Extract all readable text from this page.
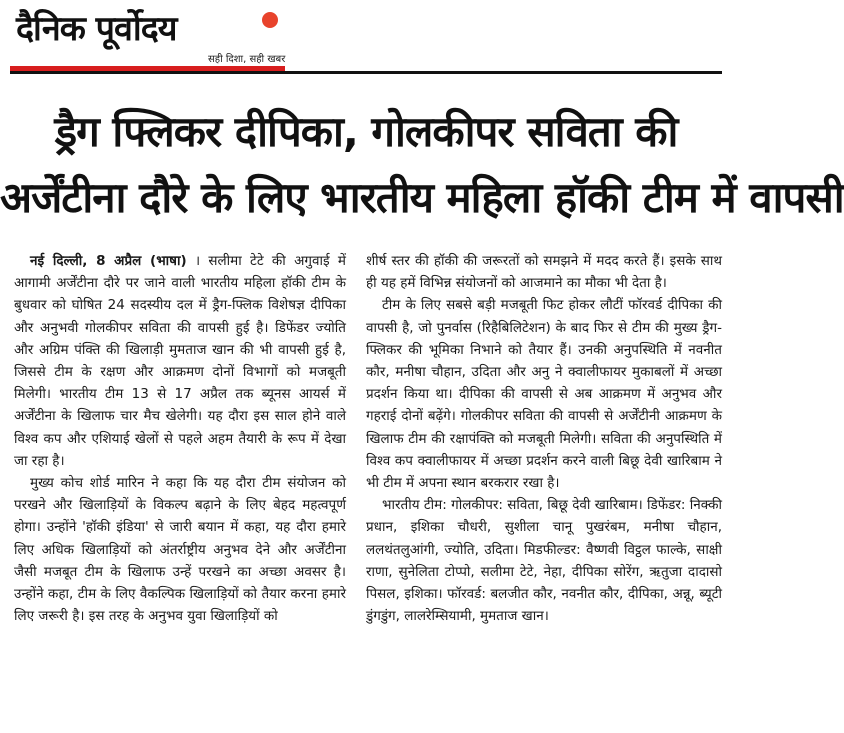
दैनिक पूर्वोदय
सही दिशा, सही खबर
ड्रैग फ्लिकर दीपिका, गोलकीपर सविता की
अर्जेंटीना दौरे के लिए भारतीय महिला हॉकी टीम में वापसी

नई दिल्ली, 8 अप्रैल (भाषा) । सलीमा टेटे की अगुवाई में आगामी अर्जेंटीना दौरे पर जाने वाली भारतीय महिला हॉकी टीम के बुधवार को घोषित 24 सदस्यीय दल में ड्रैग-फ्लिक विशेषज्ञ दीपिका और अनुभवी गोलकीपर सविता की वापसी हुई है। डिफेंडर ज्योति और अग्रिम पंक्ति की खिलाड़ी मुमताज खान की भी वापसी हुई है, जिससे टीम के रक्षण और आक्रमण दोनों विभागों को मजबूती मिलेगी। भारतीय टीम 13 से 17 अप्रैल तक ब्यूनस आयर्स में अर्जेंटीना के खिलाफ चार मैच खेलेगी। यह दौरा इस साल होने वाले विश्व कप और एशियाई खेलों से पहले अहम तैयारी के रूप में देखा जा रहा है।

मुख्य कोच शोर्ड मारिन ने कहा कि यह दौरा टीम संयोजन को परखने और खिलाड़ियों के विकल्प बढ़ाने के लिए बेहद महत्वपूर्ण होगा। उन्होंने 'हॉकी इंडिया' से जारी बयान में कहा, यह दौरा हमारे लिए अधिक खिलाड़ियों को अंतर्राष्ट्रीय अनुभव देने और अर्जेंटीना जैसी मजबूत टीम के खिलाफ उन्हें परखने का अच्छा अवसर है। उन्होंने कहा, टीम के लिए वैकल्पिक खिलाड़ियों को तैयार करना हमारे लिए जरूरी है। इस तरह के अनुभव युवा खिलाड़ियों को

शीर्ष स्तर की हॉकी की जरूरतों को समझने में मदद करते हैं। इसके साथ ही यह हमें विभिन्न संयोजनों को आजमाने का मौका भी देता है।

टीम के लिए सबसे बड़ी मजबूती फिट होकर लौटीं फॉरवर्ड दीपिका की वापसी है, जो पुनर्वास (रिहैबिलिटेशन) के बाद फिर से टीम की मुख्य ड्रैग-फ्लिकर की भूमिका निभाने को तैयार हैं। उनकी अनुपस्थिति में नवनीत कौर, मनीषा चौहान, उदिता और अनु ने क्वालीफायर मुकाबलों में अच्छा प्रदर्शन किया था। दीपिका की वापसी से अब आक्रमण में अनुभव और गहराई दोनों बढ़ेंगे। गोलकीपर सविता की वापसी से अर्जेंटीनी आक्रमण के खिलाफ टीम की रक्षापंक्ति को मजबूती मिलेगी। सविता की अनुपस्थिति में विश्व कप क्वालीफायर में अच्छा प्रदर्शन करने वाली बिछू देवी खारिबाम ने भी टीम में अपना स्थान बरकरार रखा है।

भारतीय टीम: गोलकीपर: सविता, बिछू देवी खारिबाम। डिफेंडर: निक्की प्रधान, इशिका चौधरी, सुशीला चानू पुखरंबम, मनीषा चौहान, ललथंतलुआंगी, ज्योति, उदिता। मिडफील्डर: वैष्णवी विट्ठल फाल्के, साक्षी राणा, सुनेलिता टोप्पो, सलीमा टेटे, नेहा, दीपिका सोरेंग, ऋतुजा दादासो पिसल, इशिका। फॉरवर्ड: बलजीत कौर, नवनीत कौर, दीपिका, अन्नू, ब्यूटी डुंगडुंग, लालरेम्सियामी, मुमताज खान।
